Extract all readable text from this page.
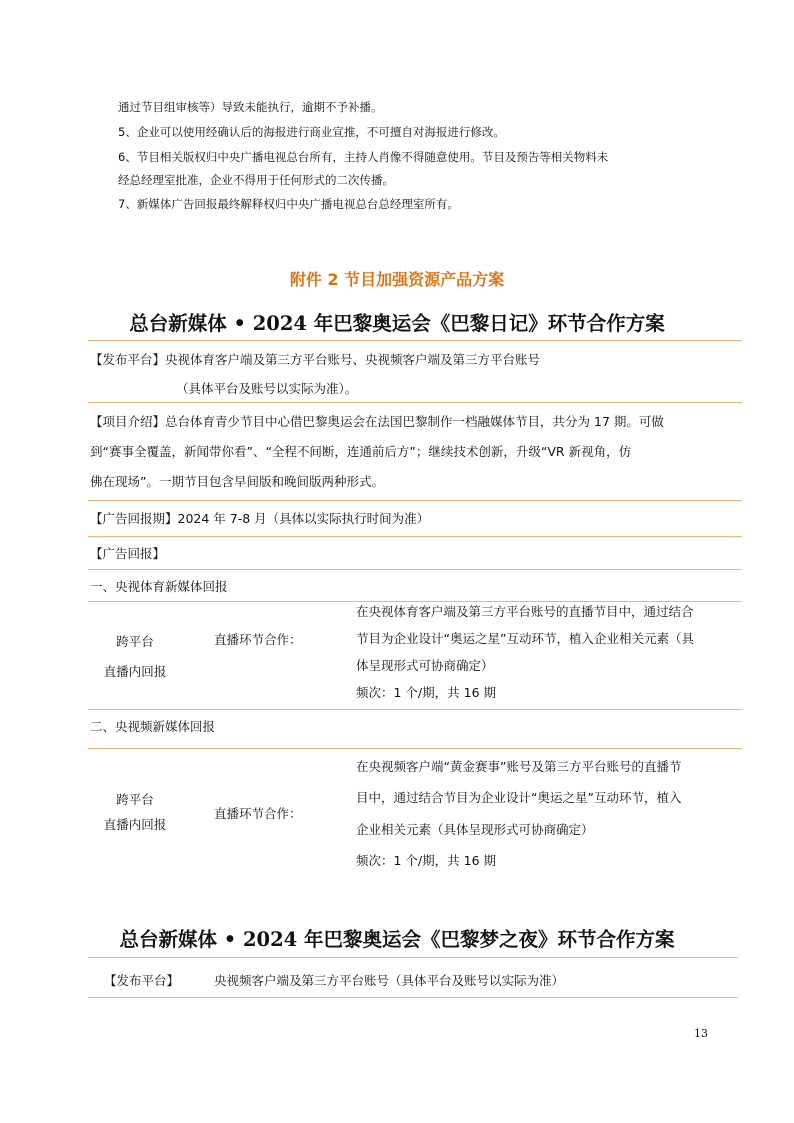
通过节目组审核等）导致未能执行，逾期不予补播。
5、企业可以使用经确认后的海报进行商业宣推，不可擅自对海报进行修改。
6、节目相关版权归中央广播电视总台所有，主持人肖像不得随意使用。节目及预告等相关物料未
经总经理室批准，企业不得用于任何形式的二次传播。
7、新媒体广告回报最终解释权归中央广播电视总台总经理室所有。
附件 2 节目加强资源产品方案
总台新媒体 • 2024 年巴黎奥运会《巴黎日记》环节合作方案
【发布平台】央视体育客户端及第三方平台账号、央视频客户端及第三方平台账号
（具体平台及账号以实际为准）。
【项目介绍】总台体育青少节目中心借巴黎奥运会在法国巴黎制作一档融媒体节目，共分为 17 期。可做
到“赛事全覆盖，新闻带你看”、“全程不间断，连通前后方”；继续技术创新，升级“VR 新视角，仿
佛在现场”。一期节目包含早间版和晚间版两种形式。
【广告回报期】2024 年 7-8 月（具体以实际执行时间为准）
【广告回报】
一、央视体育新媒体回报
跨平台
直播内回报
直播环节合作：
在央视体育客户端及第三方平台账号的直播节目中，通过结合
节目为企业设计“奥运之星”互动环节，植入企业相关元素（具
体呈现形式可协商确定）
频次：1 个/期，共 16 期
二、央视频新媒体回报
跨平台
直播内回报
直播环节合作：
在央视频客户端“黄金赛事”账号及第三方平台账号的直播节
目中，通过结合节目为企业设计“奥运之星”互动环节，植入
企业相关元素（具体呈现形式可协商确定）
频次：1 个/期，共 16 期
总台新媒体 • 2024 年巴黎奥运会《巴黎梦之夜》环节合作方案
【发布平台】	央视频客户端及第三方平台账号（具体平台及账号以实际为准）
13
